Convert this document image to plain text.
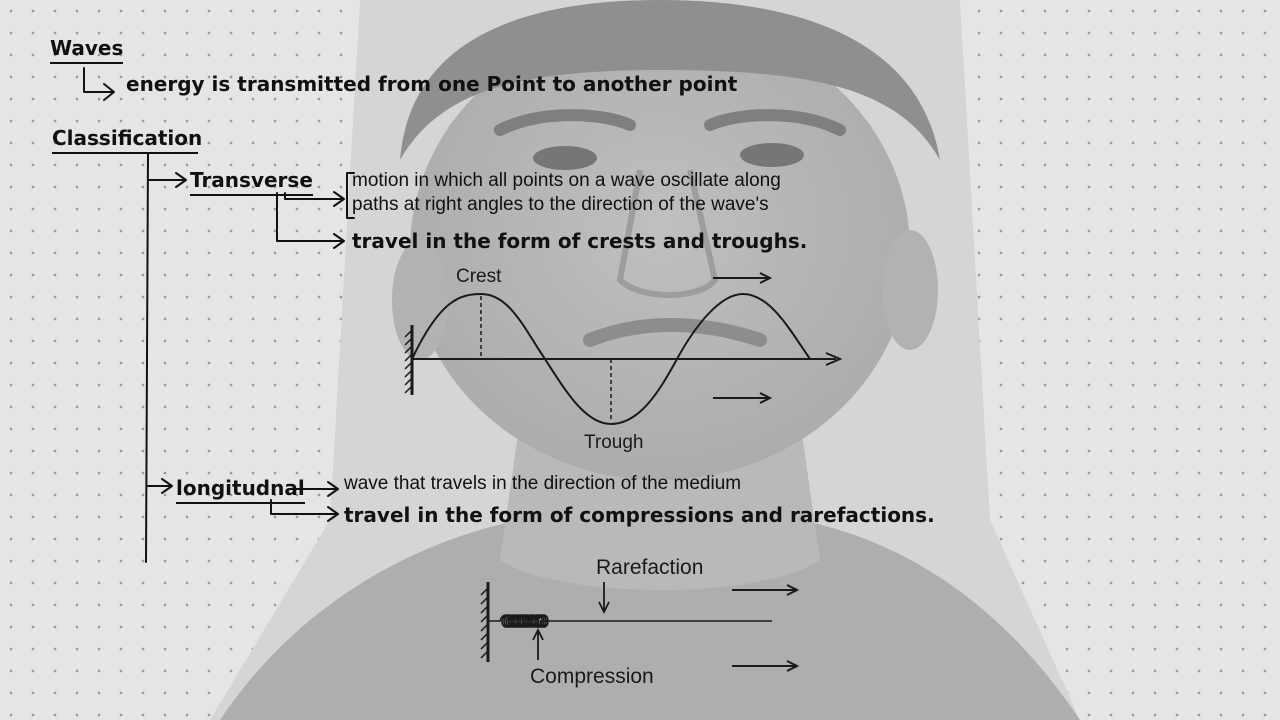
Waves
energy is transmitted from one Point to another point
Classification
Transverse motion in which all points on a wave oscillate along
paths at right angles to the direction of the wave's
travel in the form of crests and troughs.
Crest
Trough
longitudnal wave that travels in the direction of the medium
travel in the form of compressions and rarefactions.
Rarefaction
Compression
